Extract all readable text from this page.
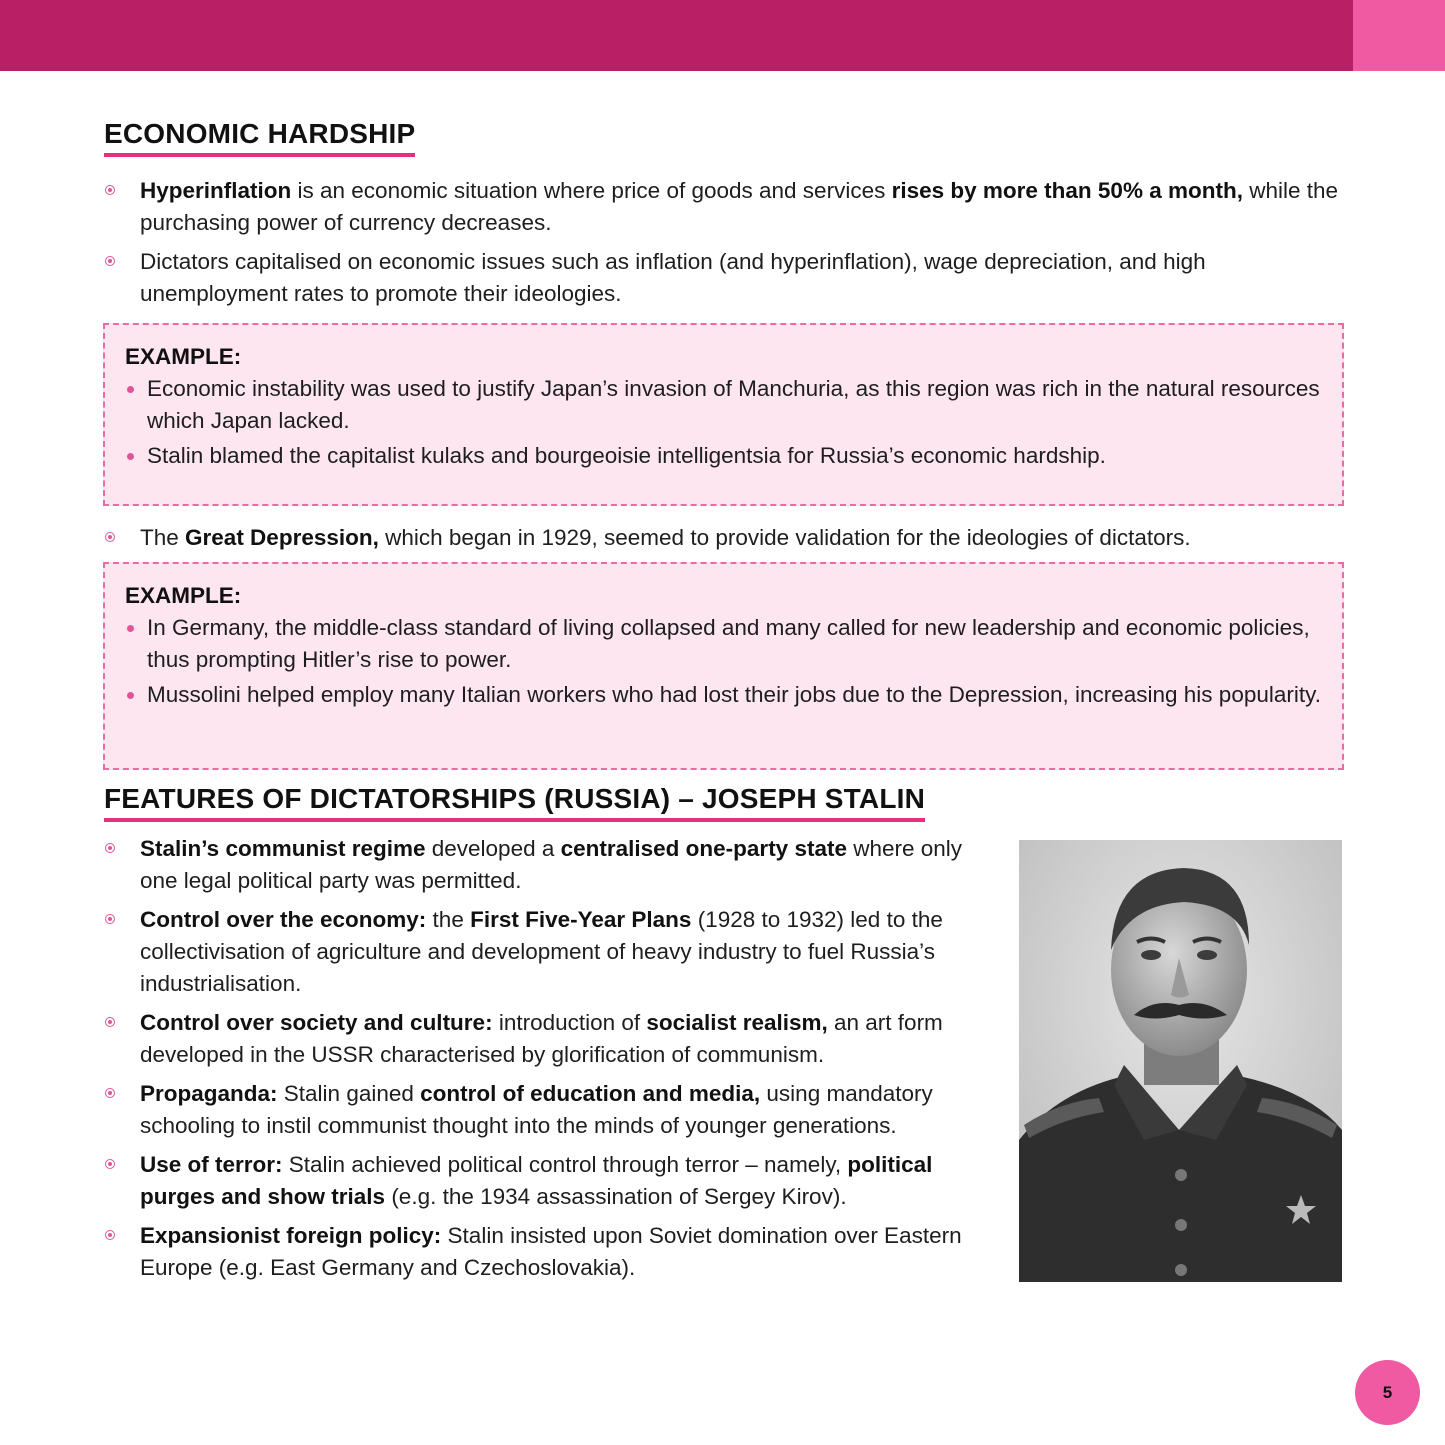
ECONOMIC HARDSHIP
Hyperinflation is an economic situation where price of goods and services rises by more than 50% a month, while the purchasing power of currency decreases.
Dictators capitalised on economic issues such as inflation (and hyperinflation), wage depreciation, and high unemployment rates to promote their ideologies.
EXAMPLE:
Economic instability was used to justify Japan’s invasion of Manchuria, as this region was rich in the natural resources which Japan lacked.
Stalin blamed the capitalist kulaks and bourgeoisie intelligentsia for Russia’s economic hardship.
The Great Depression, which began in 1929, seemed to provide validation for the ideologies of dictators.
EXAMPLE:
In Germany, the middle-class standard of living collapsed and many called for new leadership and economic policies, thus prompting Hitler’s rise to power.
Mussolini helped employ many Italian workers who had lost their jobs due to the Depression, increasing his popularity.
FEATURES OF DICTATORSHIPS (RUSSIA) – JOSEPH STALIN
Stalin’s communist regime developed a centralised one-party state where only one legal political party was permitted.
Control over the economy: the First Five-Year Plans (1928 to 1932) led to the collectivisation of agriculture and development of heavy industry to fuel Russia’s industrialisation.
Control over society and culture: introduction of socialist realism, an art form developed in the USSR characterised by glorification of communism.
Propaganda: Stalin gained control of education and media, using mandatory schooling to instil communist thought into the minds of younger generations.
Use of terror: Stalin achieved political control through terror – namely, political purges and show trials (e.g. the 1934 assassination of Sergey Kirov).
Expansionist foreign policy: Stalin insisted upon Soviet domination over Eastern Europe (e.g. East Germany and Czechoslovakia).
5
